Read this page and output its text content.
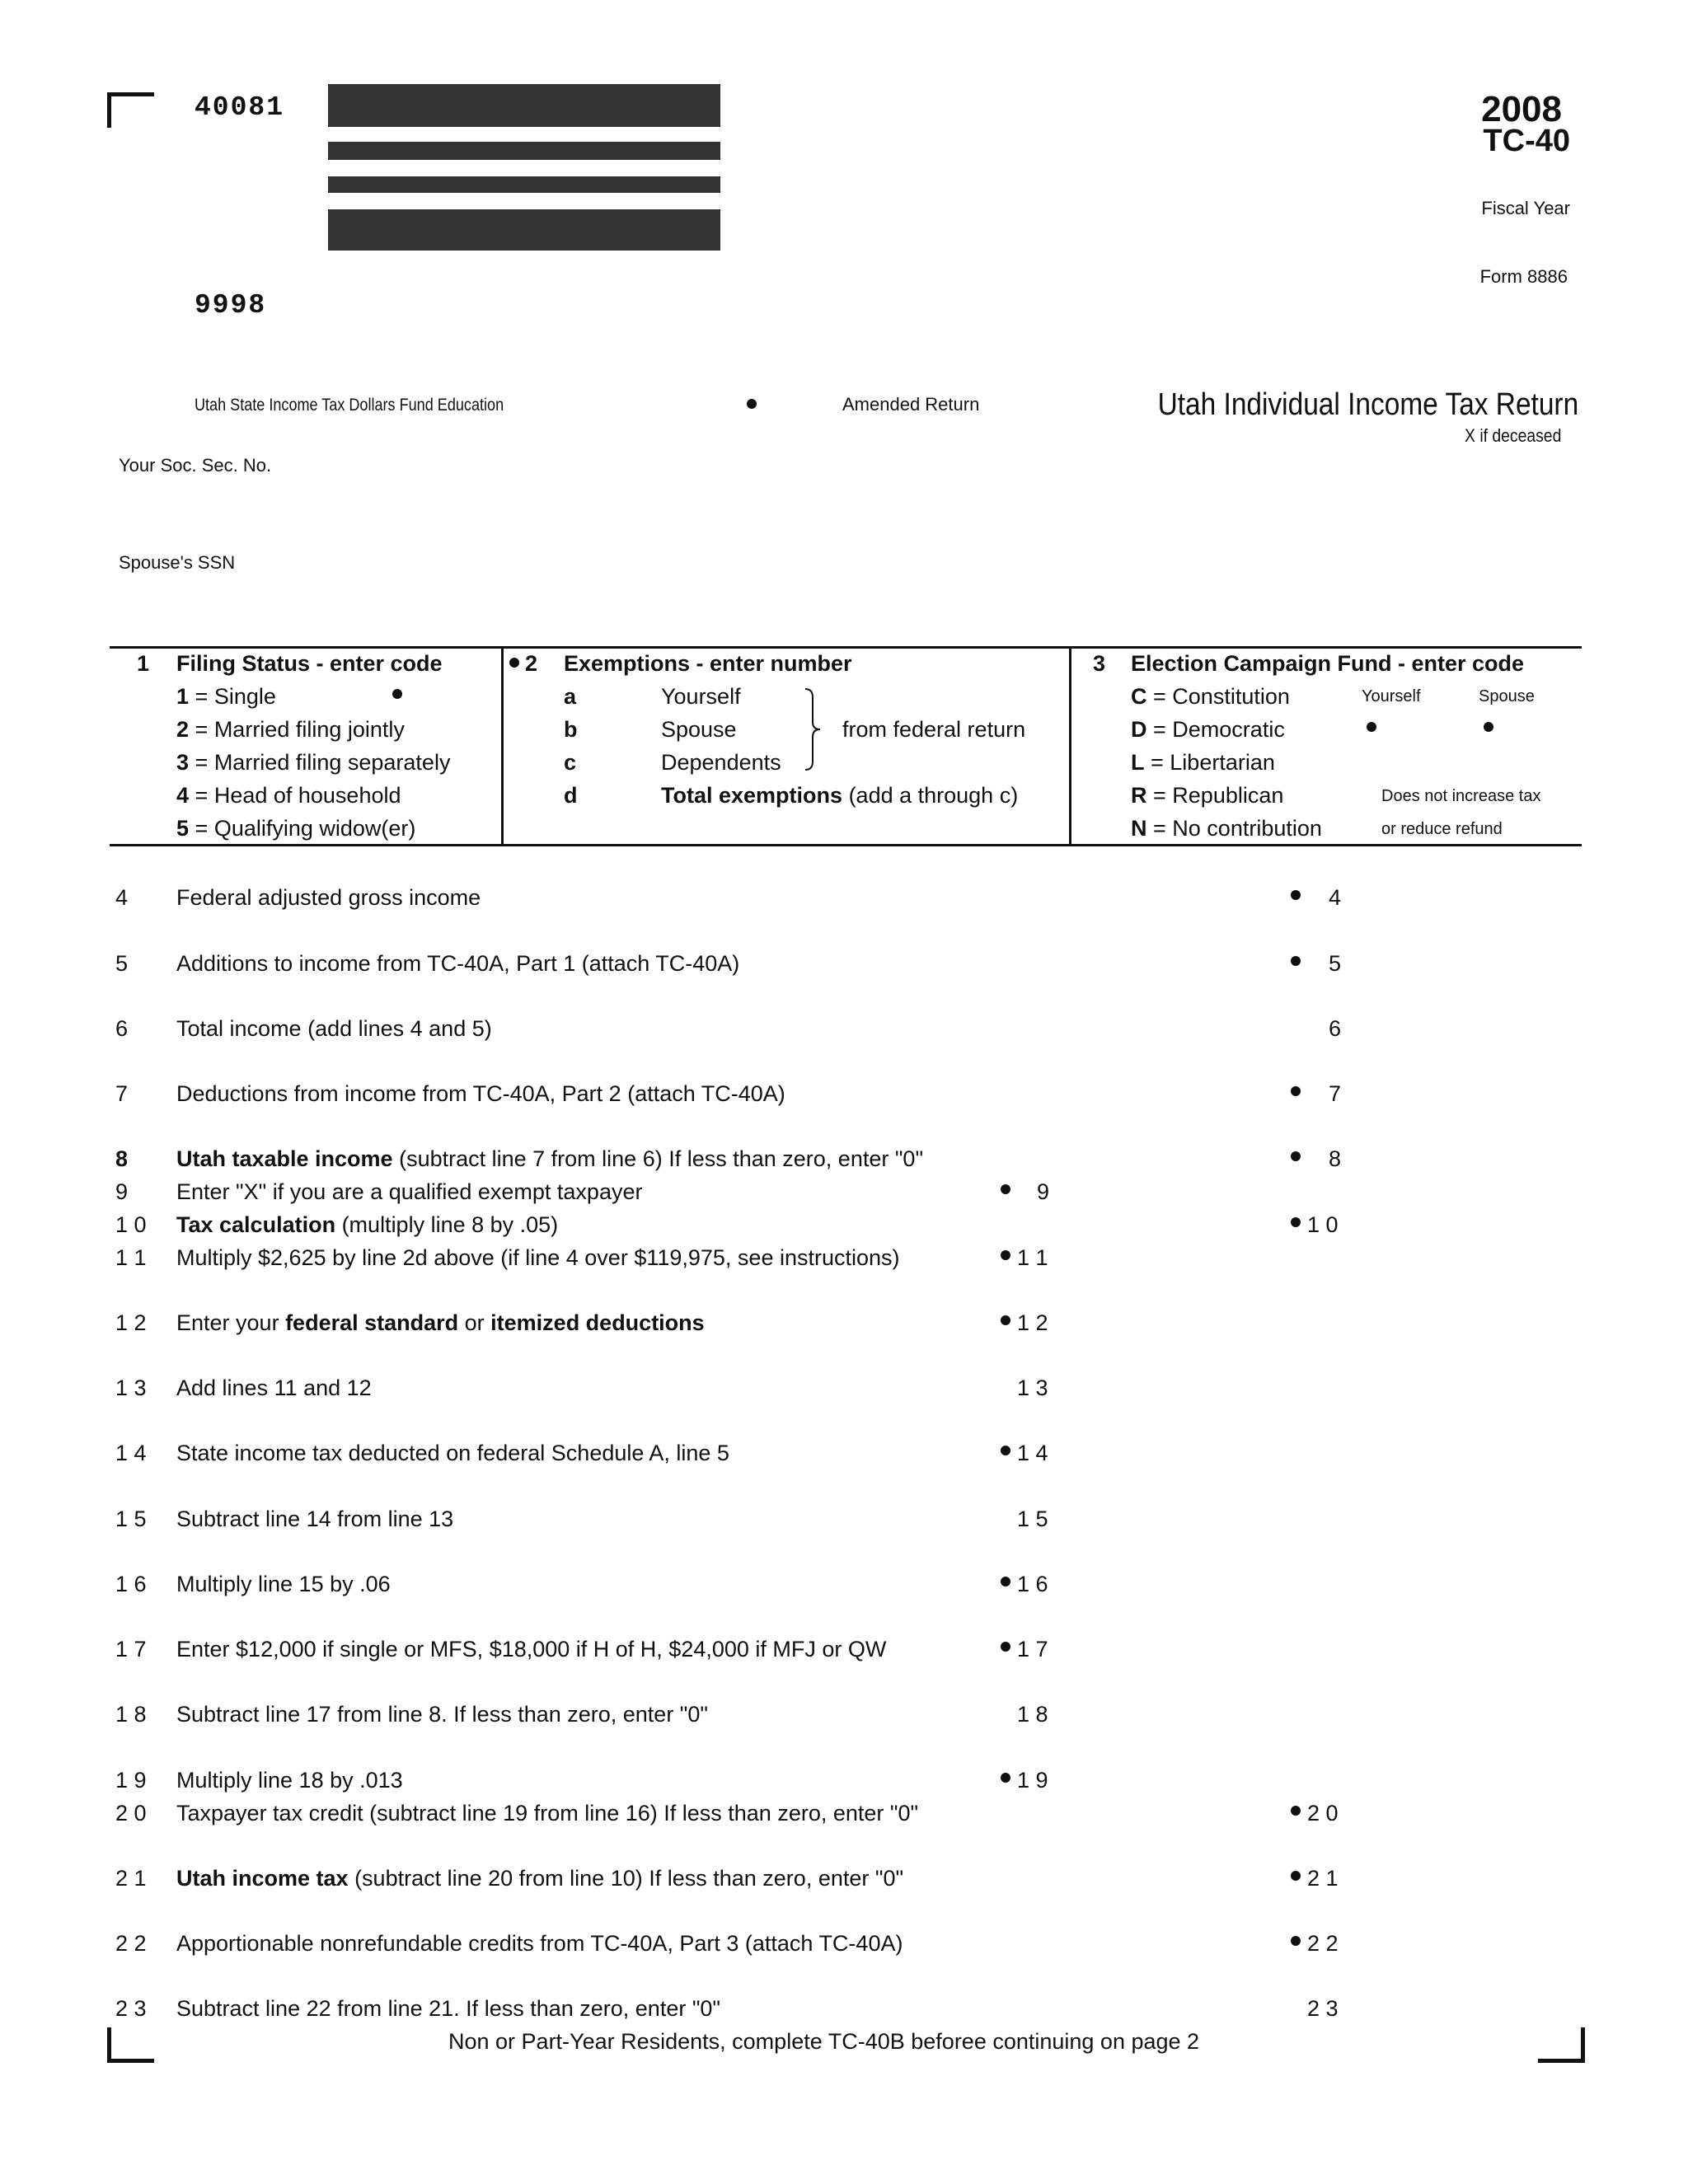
40081
9998
2008
TC-40
Fiscal Year
Form 8886
Utah State Income Tax Dollars Fund Education	Amended Return	Utah Individual Income Tax Return
X if deceased
Your Soc. Sec. No.
Spouse's SSN
1 Filing Status - enter code
1 = Single
2 = Married filing jointly
3 = Married filing separately
4 = Head of household
5 = Qualifying widow(er)
2 Exemptions - enter number
a	Yourself
b	Spouse
c	Dependents
d	Total exemptions (add a through c)
from federal return
3 Election Campaign Fund - enter code
Yourself	Spouse
C = Constitution
D = Democratic
L = Libertarian
R = Republican
N = No contribution
Does not increase tax
or reduce refund
4 Federal adjusted gross income	4
5 Additions to income from TC-40A, Part 1 (attach TC-40A)	5
6 Total income (add lines 4 and 5)	6
7 Deductions from income from TC-40A, Part 2 (attach TC-40A)	7
8 Utah taxable income (subtract line 7 from line 6) If less than zero, enter "0"	8
9 Enter "X" if you are a qualified exempt taxpayer	9
1 0 Tax calculation (multiply line 8 by .05)	1 0
1 1 Multiply $2,625 by line 2d above (if line 4 over $119,975, see instructions)	1 1
1 2 Enter your federal standard or itemized deductions	1 2
1 3 Add lines 11 and 12	1 3
1 4 State income tax deducted on federal Schedule A, line 5	1 4
1 5 Subtract line 14 from line 13	1 5
1 6 Multiply line 15 by .06	1 6
1 7 Enter $12,000 if single or MFS, $18,000 if H of H, $24,000 if MFJ or QW	1 7
1 8 Subtract line 17 from line 8. If less than zero, enter "0"	1 8
1 9 Multiply line 18 by .013	1 9
2 0 Taxpayer tax credit (subtract line 19 from line 16) If less than zero, enter "0"	2 0
2 1 Utah income tax (subtract line 20 from line 10) If less than zero, enter "0"	2 1
2 2 Apportionable nonrefundable credits from TC-40A, Part 3 (attach TC-40A)	2 2
2 3 Subtract line 22 from line 21. If less than zero, enter "0"	2 3
Non or Part-Year Residents, complete TC-40B beforee continuing on page 2
